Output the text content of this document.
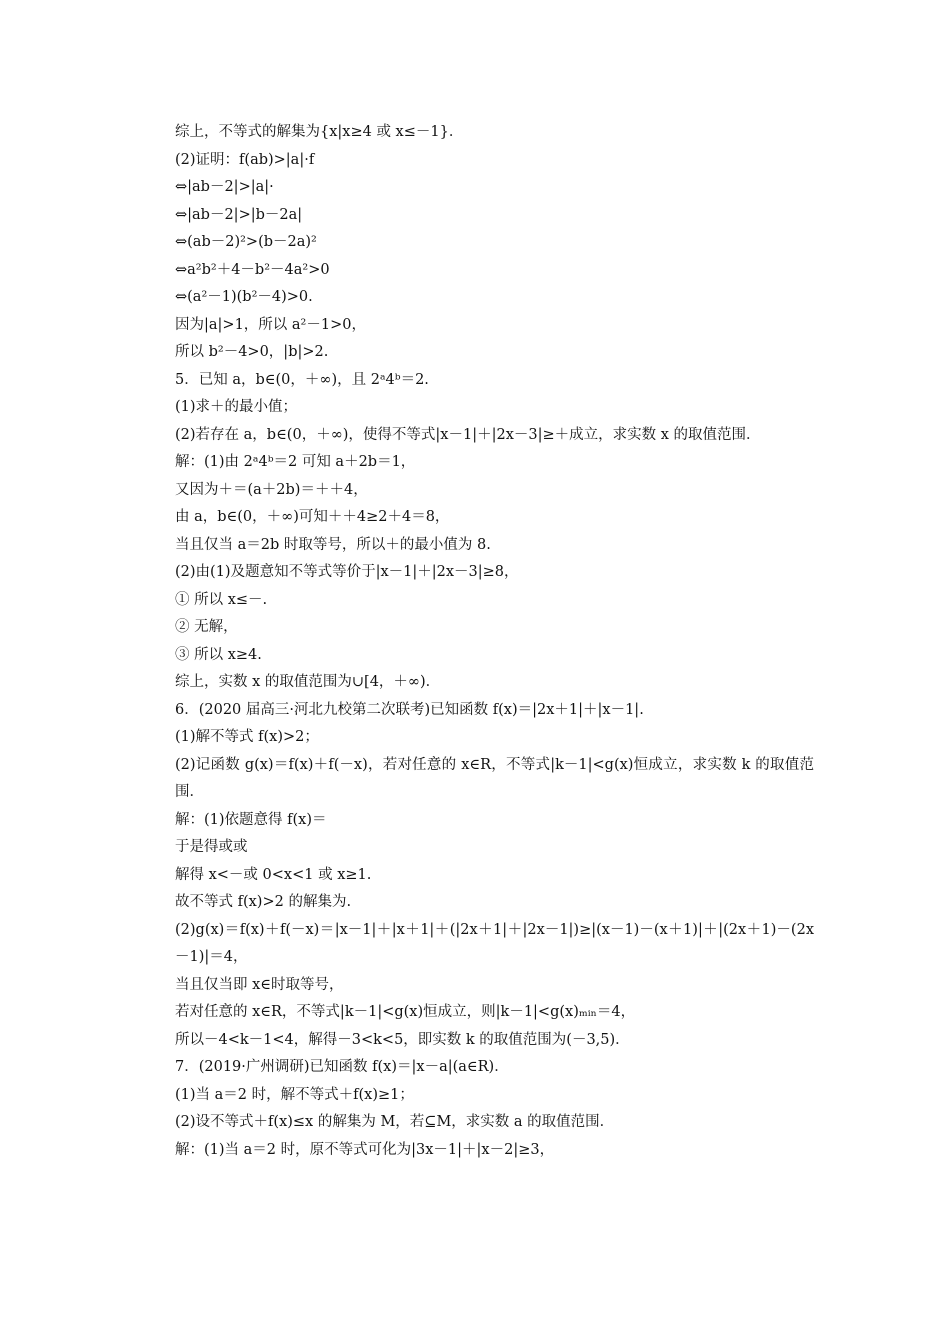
综上，不等式的解集为{x|x≥4 或 x≤－1}．
(2)证明：f(ab)>|a|·f
⇔|ab－2|>|a|·
⇔|ab－2|>|b－2a|
⇔(ab－2)²>(b－2a)²
⇔a²b²＋4－b²－4a²>0
⇔(a²－1)(b²－4)>0.
因为|a|>1，所以 a²－1>0，
所以 b²－4>0，|b|>2.
5．已知 a，b∈(0，＋∞)，且 2ᵃ4ᵇ＝2.
(1)求＋的最小值；
(2)若存在 a，b∈(0，＋∞)，使得不等式|x－1|＋|2x－3|≥＋成立，求实数 x 的取值范围．
解：(1)由 2ᵃ4ᵇ＝2 可知 a＋2b＝1，
又因为＋＝(a＋2b)＝＋＋4，
由 a，b∈(0，＋∞)可知＋＋4≥2＋4＝8，
当且仅当 a＝2b 时取等号，所以＋的最小值为 8.
(2)由(1)及题意知不等式等价于|x－1|＋|2x－3|≥8，
① 所以 x≤－.
② 无解，
③ 所以 x≥4.
综上，实数 x 的取值范围为∪[4，＋∞)．
6．(2020 届高三·河北九校第二次联考)已知函数 f(x)＝|2x＋1|＋|x－1|.
(1)解不等式 f(x)>2；
(2)记函数 g(x)＝f(x)＋f(－x)，若对任意的 x∈R，不等式|k－1|<g(x)恒成立，求实数 k 的取值范围．
解：(1)依题意得 f(x)＝
于是得或或
解得 x<－或 0<x<1 或 x≥1.
故不等式 f(x)>2 的解集为.
(2)g(x)＝f(x)＋f(－x)＝|x－1|＋|x＋1|＋(|2x＋1|＋|2x－1|)≥|(x－1)－(x＋1)|＋|(2x＋1)－(2x－1)|＝4，
当且仅当即 x∈时取等号，
若对任意的 x∈R，不等式|k－1|<g(x)恒成立，则|k－1|<g(x)ₘᵢₙ＝4，
所以－4<k－1<4，解得－3<k<5，即实数 k 的取值范围为(－3,5)．
7．(2019·广州调研)已知函数 f(x)＝|x－a|(a∈R)．
(1)当 a＝2 时，解不等式＋f(x)≥1；
(2)设不等式＋f(x)≤x 的解集为 M，若⊆M，求实数 a 的取值范围．
解：(1)当 a＝2 时，原不等式可化为|3x－1|＋|x－2|≥3，
